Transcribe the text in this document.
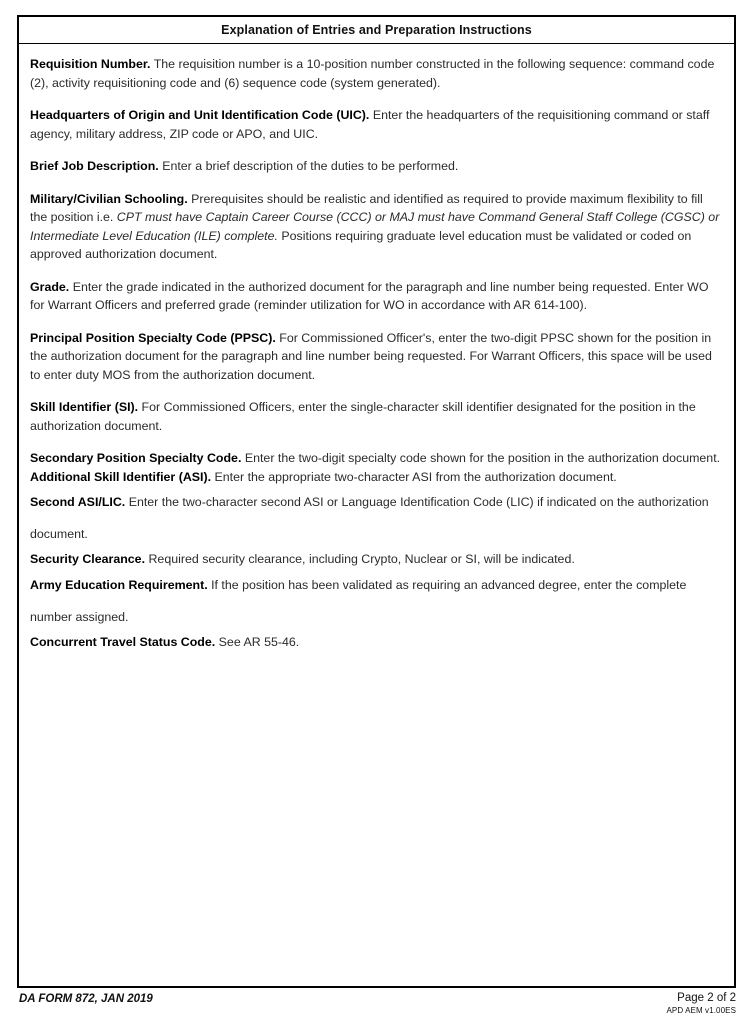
Explanation of Entries and Preparation Instructions

Requisition Number. The requisition number is a 10-position number constructed in the following sequence: command code (2), activity requisitioning code and (6) sequence code (system generated).

Headquarters of Origin and Unit Identification Code (UIC). Enter the headquarters of the requisitioning command or staff agency, military address, ZIP code or APO, and UIC.

Brief Job Description. Enter a brief description of the duties to be performed.

Military/Civilian Schooling. Prerequisites should be realistic and identified as required to provide maximum flexibility to fill the position i.e. CPT must have Captain Career Course (CCC) or MAJ must have Command General Staff College (CGSC) or Intermediate Level Education (ILE) complete. Positions requiring graduate level education must be validated or coded on approved authorization document.

Grade. Enter the grade indicated in the authorized document for the paragraph and line number being requested. Enter WO for Warrant Officers and preferred grade (reminder utilization for WO in accordance with AR 614-100).

Principal Position Specialty Code (PPSC). For Commissioned Officer's, enter the two-digit PPSC shown for the position in the authorization document for the paragraph and line number being requested. For Warrant Officers, this space will be used to enter duty MOS from the authorization document.

Skill Identifier (SI). For Commissioned Officers, enter the single-character skill identifier designated for the position in the authorization document.

Secondary Position Specialty Code. Enter the two-digit specialty code shown for the position in the authorization document.

Additional Skill Identifier (ASI). Enter the appropriate two-character ASI from the authorization document.

Second ASI/LIC. Enter the two-character second ASI or Language Identification Code (LIC) if indicated on the authorization document.

Security Clearance. Required security clearance, including Crypto, Nuclear or SI, will be indicated.

Army Education Requirement. If the position has been validated as requiring an advanced degree, enter the complete number assigned.

Concurrent Travel Status Code. See AR 55-46.

DA FORM 872, JAN 2019	Page 2 of 2
APD AEM v1.00ES
